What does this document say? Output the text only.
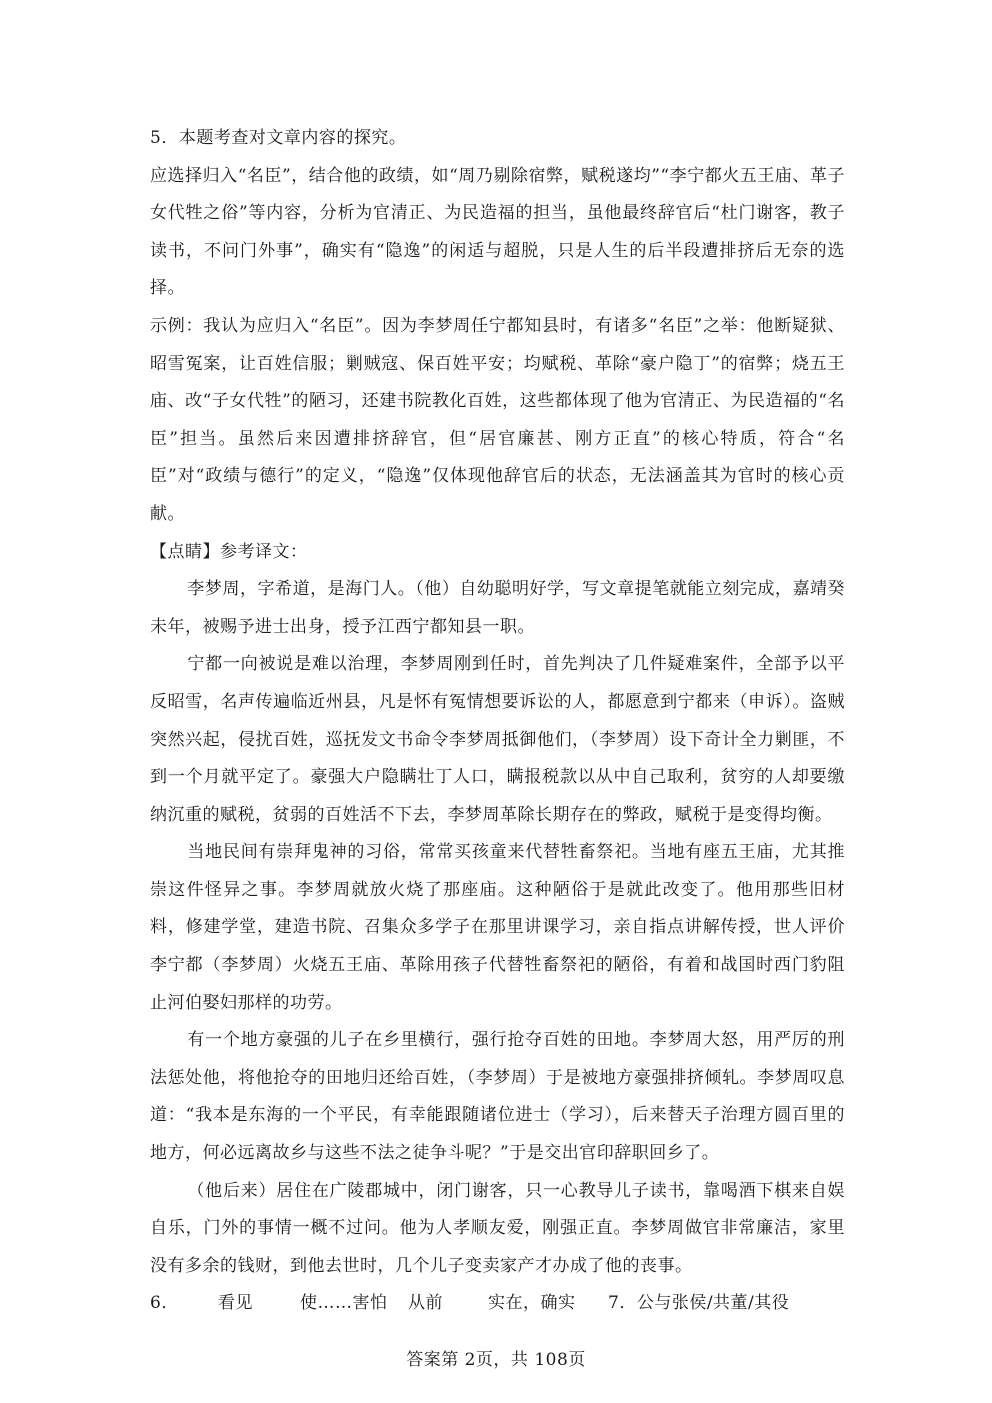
5．本题考查对文章内容的探究。

应选择归入“名臣”，结合他的政绩，如“周乃剔除宿弊，赋税遂均”“李宁都火五王庙、革子女代牲之俗”等内容，分析为官清正、为民造福的担当，虽他最终辞官后“杜门谢客，教子读书，不问门外事”，确实有“隐逸”的闲适与超脱，只是人生的后半段遭排挤后无奈的选择。

示例：我认为应归入“名臣”。因为李梦周任宁都知县时，有诸多“名臣”之举：他断疑狱、昭雪冤案，让百姓信服；剿贼寇、保百姓平安；均赋税、革除“豪户隐丁”的宿弊；烧五王庙、改“子女代牲”的陋习，还建书院教化百姓，这些都体现了他为官清正、为民造福的“名臣”担当。虽然后来因遭排挤辞官，但“居官廉甚、刚方正直”的核心特质，符合“名臣”对“政绩与德行”的定义，“隐逸”仅体现他辞官后的状态，无法涵盖其为官时的核心贡献。

【点睛】参考译文：

李梦周，字希道，是海门人。（他）自幼聪明好学，写文章提笔就能立刻完成，嘉靖癸未年，被赐予进士出身，授予江西宁都知县一职。

宁都一向被说是难以治理，李梦周刚到任时，首先判决了几件疑难案件，全部予以平反昭雪，名声传遍临近州县，凡是怀有冤情想要诉讼的人，都愿意到宁都来（申诉）。盗贼突然兴起，侵扰百姓，巡抚发文书命令李梦周抵御他们，（李梦周）设下奇计全力剿匪，不到一个月就平定了。豪强大户隐瞒壮丁人口，瞒报税款以从中自己取利，贫穷的人却要缴纳沉重的赋税，贫弱的百姓活不下去，李梦周革除长期存在的弊政，赋税于是变得均衡。

当地民间有崇拜鬼神的习俗，常常买孩童来代替牲畜祭祀。当地有座五王庙，尤其推崇这件怪异之事。李梦周就放火烧了那座庙。这种陋俗于是就此改变了。他用那些旧材料，修建学堂，建造书院、召集众多学子在那里讲课学习，亲自指点讲解传授，世人评价李宁都（李梦周）火烧五王庙、革除用孩子代替牲畜祭祀的陋俗，有着和战国时西门豹阻止河伯娶妇那样的功劳。

有一个地方豪强的儿子在乡里横行，强行抢夺百姓的田地。李梦周大怒，用严厉的刑法惩处他，将他抢夺的田地归还给百姓，（李梦周）于是被地方豪强排挤倾轧。李梦周叹息道：“我本是东海的一个平民，有幸能跟随诸位进士（学习），后来替天子治理方圆百里的地方，何必远离故乡与这些不法之徒争斗呢？”于是交出官印辞职回乡了。

（他后来）居住在广陵郡城中，闭门谢客，只一心教导儿子读书，靠喝酒下棋来自娱自乐，门外的事情一概不过问。他为人孝顺友爱，刚强正直。李梦周做官非常廉洁，家里没有多余的钱财，到他去世时，几个儿子变卖家产才办成了他的丧事。

6．	看见	使……害怕	从前	实在，确实	7．公与张侯/共董/其役
答案第 2页，共 108页
